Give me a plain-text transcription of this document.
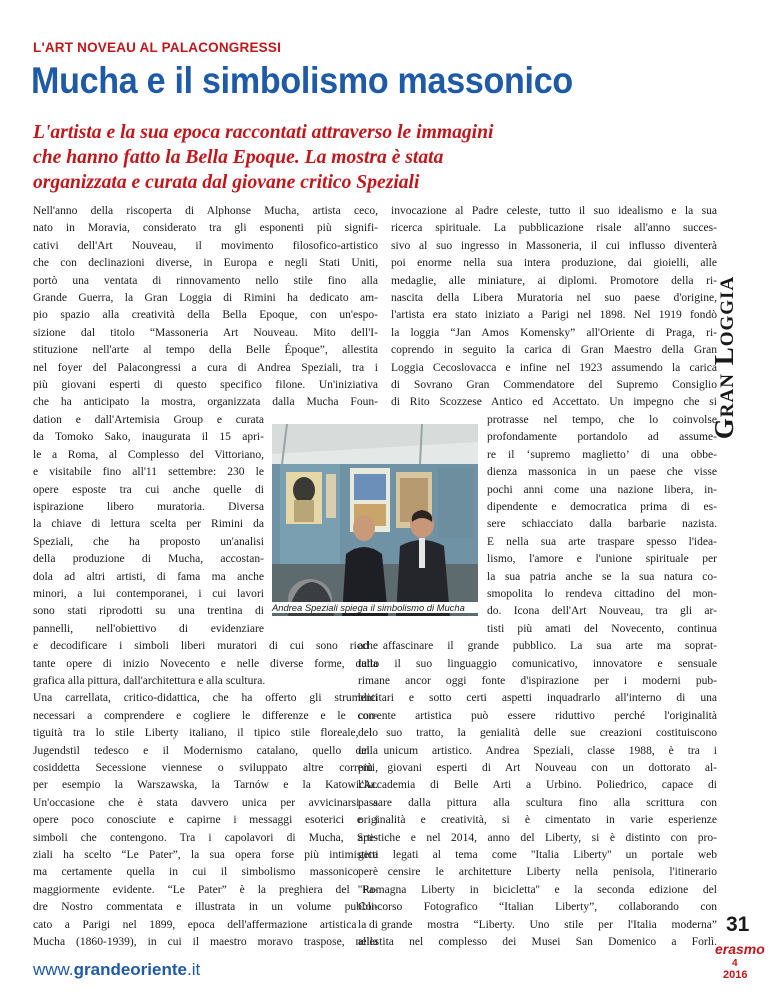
L'ART NOVEAU AL PALACONGRESSI
Mucha e il simbolismo massonico
L'artista e la sua epoca raccontati attraverso le immagini
che hanno fatto la Bella Epoque. La mostra è stata
organizzata e curata dal giovane critico Speziali
Gran Loggia
Andrea Speziali spiega il simbolismo di Mucha
Nell'anno della riscoperta di Alphonse Mucha, artista ceco,
nato in Moravia, considerato tra gli esponenti più signifi-
cativi dell'Art Nouveau, il movimento filosofico-artistico
che con declinazioni diverse, in Europa e negli Stati Uniti,
portò una ventata di rinnovamento nello stile fino alla
Grande Guerra, la Gran Loggia di Rimini ha dedicato am-
pio spazio alla creatività della Bella Epoque, con un'espo-
sizione dal titolo “Massoneria Art Nouveau. Mito dell'I-
stituzione nell'arte al tempo della Belle Époque”, allestita
nel foyer del Palacongressi a cura di Andrea Speziali, tra i
più giovani esperti di questo specifico filone. Un'iniziativa
che ha anticipato la mostra, organizzata dalla Mucha Foun-
dation e dall'Artemisia Group e curata
da Tomoko Sako, inaugurata il 15 apri-
le a Roma, al Complesso del Vittoriano,
e visitabile fino all'11 settembre: 230 le
opere esposte tra cui anche quelle di
ispirazione libero muratoria. Diversa
la chiave di lettura scelta per Rimini da
Speziali, che ha proposto un'analisi
della produzione di Mucha, accostan-
dola ad altri artisti, di fama ma anche
minori, a lui contemporanei, i cui lavori
sono stati riprodotti su una trentina di
pannelli, nell'obiettivo di evidenziare
e decodificare i simboli liberi muratori di cui sono ricche
tante opere di inizio Novecento e nelle diverse forme, dalla
grafica alla pittura, dall'architettura e alla scultura.
Una carrellata, critico-didattica, che ha offerto gli strumenti
necessari a comprendere e cogliere le differenze e le con-
tiguità tra lo stile Liberty italiano, il tipico stile floreale, lo
Jugendstil tedesco e il Modernismo catalano, quello della
cosiddetta Secessione viennese o sviluppato altre correnti,
per esempio la Warszawska, la Tarnów e la Katowicka.
Un'occasione che è stata davvero unica per avvicinarsi a
opere poco conosciute e capirne i messaggi esoterici e i
simboli che contengono. Tra i capolavori di Mucha, Spe-
ziali ha scelto “Le Pater”, la sua opera forse più intimistica
ma certamente quella in cui il simbolismo massonico è
maggiormente evidente. “Le Pater” è la preghiera del Pa-
dre Nostro commentata e illustrata in un volume pubbli-
cato a Parigi nel 1899, epoca dell'affermazione artistica di
Mucha (1860-1939), in cui il maestro moravo traspose, nella
invocazione al Padre celeste, tutto il suo idealismo e la sua
ricerca spirituale. La pubblicazione risale all'anno succes-
sivo al suo ingresso in Massoneria, il cui influsso diventerà
poi enorme nella sua intera produzione, dai gioielli, alle
medaglie, alle miniature, ai diplomi. Promotore della ri-
nascita della Libera Muratoria nel suo paese d'origine,
l'artista era stato iniziato a Parigi nel 1898. Nel 1919 fondò
la loggia “Jan Amos Komensky” all'Oriente di Praga, ri-
coprendo in seguito la carica di Gran Maestro della Gran
Loggia Cecoslovacca e infine nel 1923 assumendo la carica
di Sovrano Gran Commendatore del Supremo Consiglio
di Rito Scozzese Antico ed Accettato. Un impegno che si
protrasse nel tempo, che lo coinvolse
profondamente portandolo ad assume-
re il ‘supremo maglietto’ di una obbe-
dienza massonica in un paese che visse
pochi anni come una nazione libera, in-
dipendente e democratica prima di es-
sere schiacciato dalla barbarie nazista.
E nella sua arte traspare spesso l'idea-
lismo, l'amore e l'unione spirituale per
la sua patria anche se la sua natura co-
smopolita lo rendeva cittadino del mon-
do. Icona dell'Art Nouveau, tra gli ar-
tisti più amati del Novecento, continua
ad affascinare il grande pubblico. La sua arte ma soprat-
tutto il suo linguaggio comunicativo, innovatore e sensuale
rimane ancor oggi fonte d'ispirazione per i moderni pub-
blicitari e sotto certi aspetti inquadrarlo all'interno di una
corrente artistica può essere riduttivo perché l'originalità
del suo tratto, la genialità delle sue creazioni costituiscono
un unicum artistico. Andrea Speziali, classe 1988, è tra i
più giovani esperti di Art Nouveau con un dottorato al-
l'Accademia di Belle Arti a Urbino. Poliedrico, capace di
passare dalla pittura alla scultura fino alla scrittura con
originalità e creatività, si è cimentato in varie esperienze
artistiche e nel 2014, anno del Liberty, si è distinto con pro-
getti legati al tema come ''Italia Liberty'' un portale web
per censire le architetture Liberty nella penisola, l'itinerario
''Romagna Liberty in bicicletta'' e la seconda edizione del
Concorso Fotografico “Italian Liberty”, collaborando con
la grande mostra “Liberty. Uno stile per l'Italia moderna”
allestita nel complesso dei Musei San Domenico a Forlì.
www.grandeoriente.it
31
erasmo
4
2016
